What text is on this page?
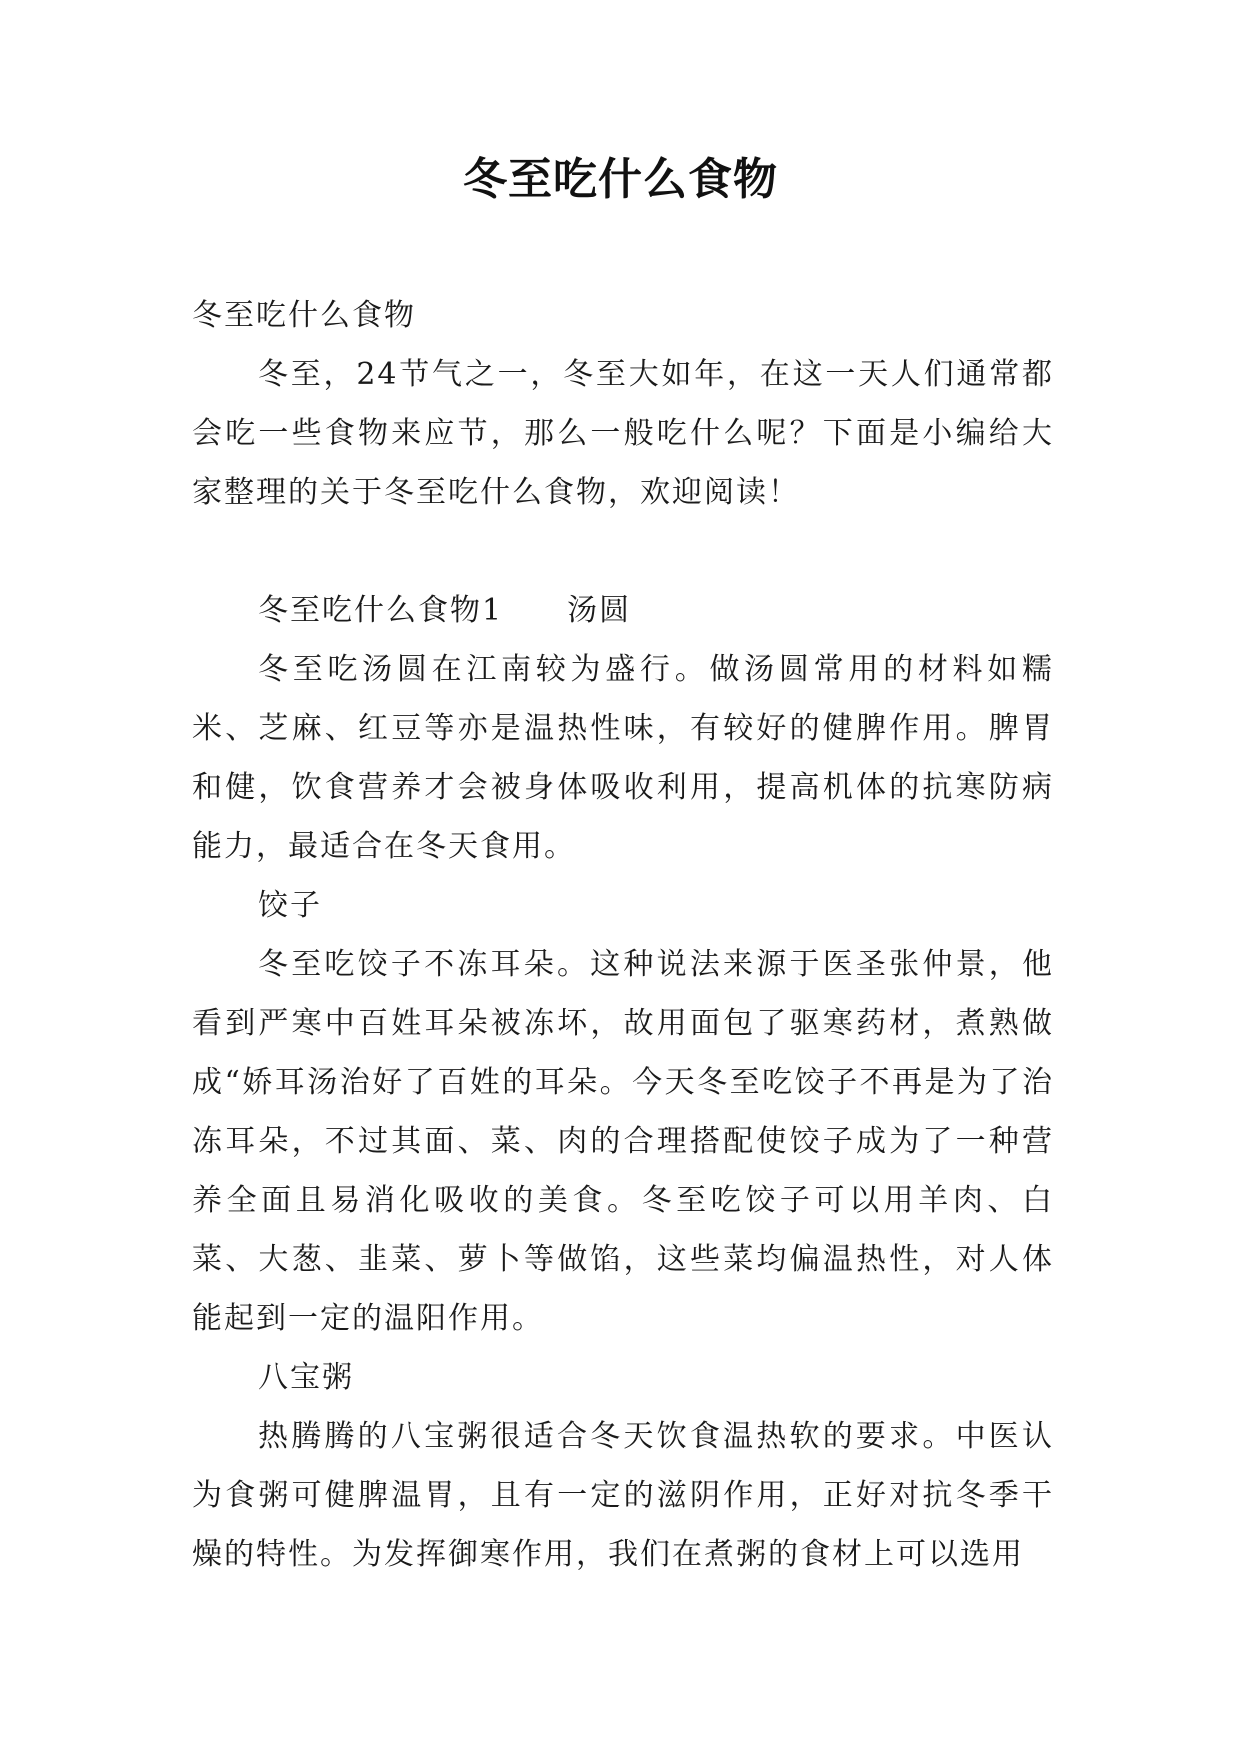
冬至吃什么食物

冬至吃什么食物

冬至，24节气之一，冬至大如年，在这一天人们通常都会吃一些食物来应节，那么一般吃什么呢？下面是小编给大家整理的关于冬至吃什么食物，欢迎阅读！

冬至吃什么食物1　　汤圆

冬至吃汤圆在江南较为盛行。做汤圆常用的材料如糯米、芝麻、红豆等亦是温热性味，有较好的健脾作用。脾胃和健，饮食营养才会被身体吸收利用，提高机体的抗寒防病能力，最适合在冬天食用。

饺子

冬至吃饺子不冻耳朵。这种说法来源于医圣张仲景，他看到严寒中百姓耳朵被冻坏，故用面包了驱寒药材，煮熟做成“娇耳汤治好了百姓的耳朵。今天冬至吃饺子不再是为了治冻耳朵，不过其面、菜、肉的合理搭配使饺子成为了一种营养全面且易消化吸收的美食。冬至吃饺子可以用羊肉、白菜、大葱、韭菜、萝卜等做馅，这些菜均偏温热性，对人体能起到一定的温阳作用。

八宝粥

热腾腾的八宝粥很适合冬天饮食温热软的要求。中医认为食粥可健脾温胃，且有一定的滋阴作用，正好对抗冬季干燥的特性。为发挥御寒作用，我们在煮粥的食材上可以选用
